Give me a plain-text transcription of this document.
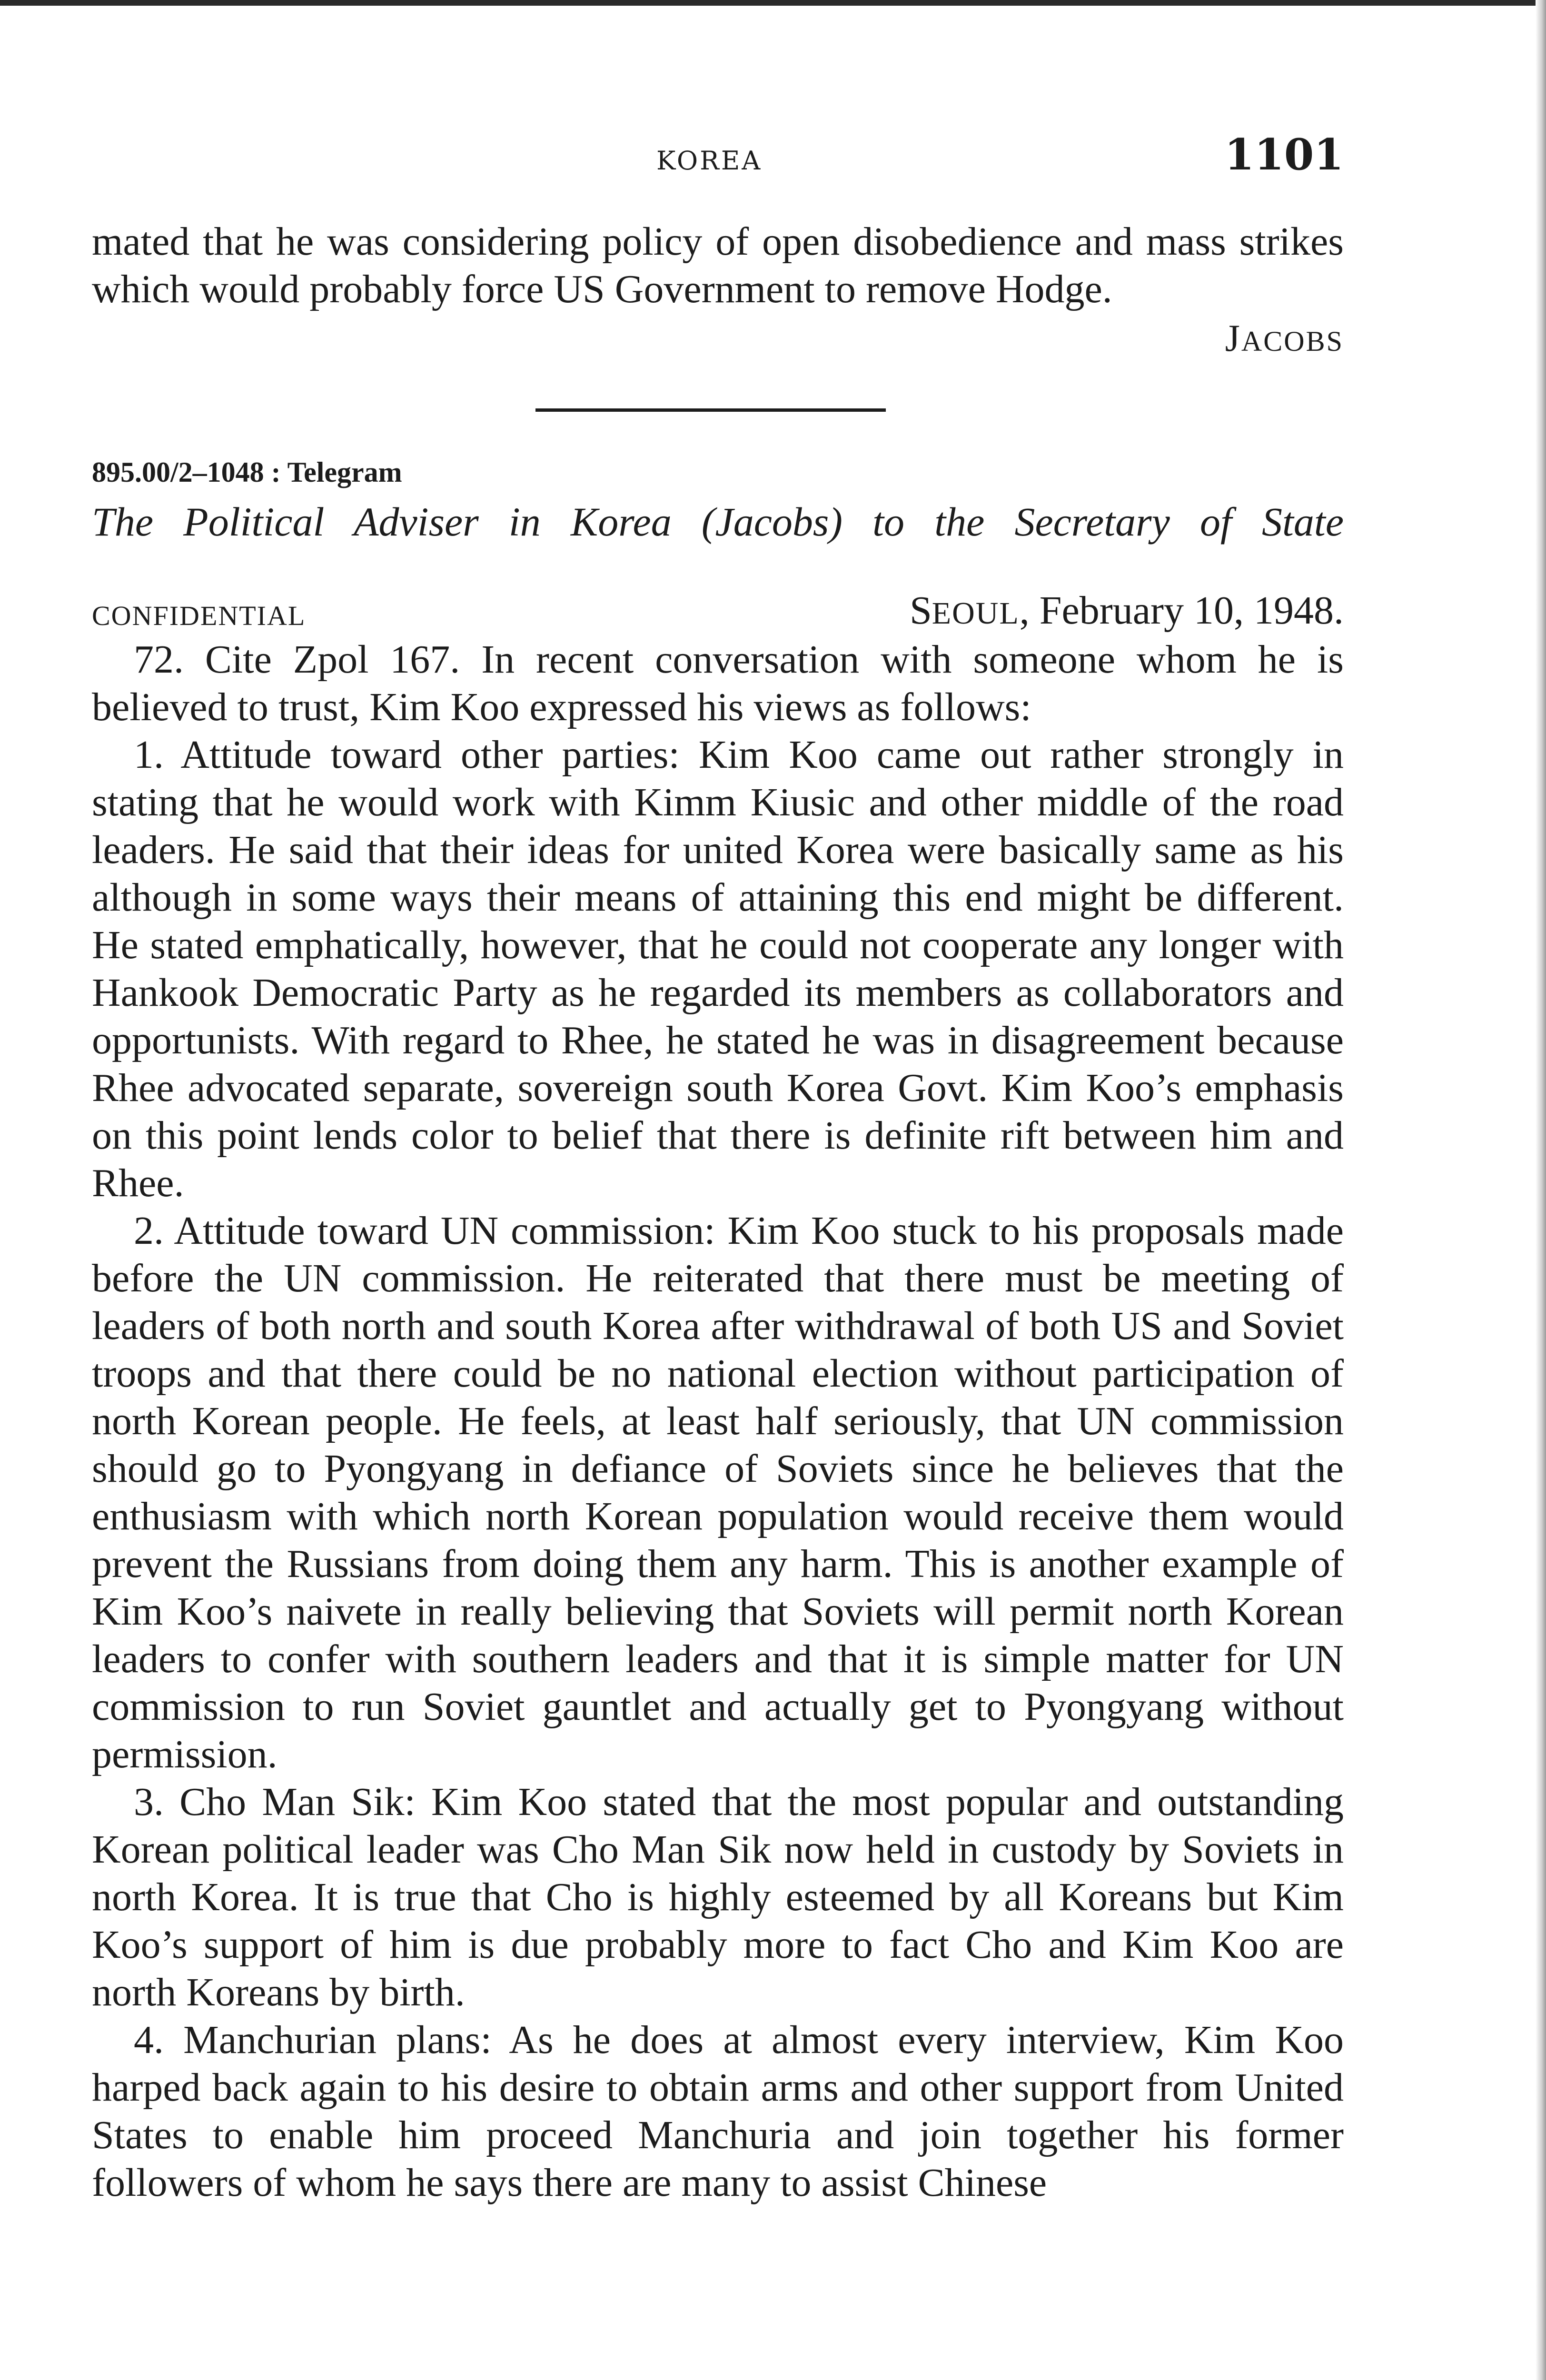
KOREA	1101

mated that he was considering policy of open disobedience and mass strikes which would probably force US Government to remove Hodge.

JACOBS
895.00/2–1048 : Telegram
The Political Adviser in Korea (Jacobs) to the Secretary of State
CONFIDENTIAL	SEOUL, February 10, 1948.

72. Cite Zpol 167. In recent conversation with someone whom he is believed to trust, Kim Koo expressed his views as follows:

1. Attitude toward other parties: Kim Koo came out rather strongly in stating that he would work with Kimm Kiusic and other middle of the road leaders. He said that their ideas for united Korea were basically same as his although in some ways their means of attaining this end might be different. He stated emphatically, however, that he could not cooperate any longer with Hankook Democratic Party as he regarded its members as collaborators and opportunists. With regard to Rhee, he stated he was in disagreement because Rhee advocated separate, sovereign south Korea Govt. Kim Koo’s emphasis on this point lends color to belief that there is definite rift between him and Rhee.

2. Attitude toward UN commission: Kim Koo stuck to his proposals made before the UN commission. He reiterated that there must be meeting of leaders of both north and south Korea after withdrawal of both US and Soviet troops and that there could be no national election without participation of north Korean people. He feels, at least half seriously, that UN commission should go to Pyongyang in defiance of Soviets since he believes that the enthusiasm with which north Korean population would receive them would prevent the Russians from doing them any harm. This is another example of Kim Koo’s naivete in really believing that Soviets will permit north Korean leaders to confer with southern leaders and that it is simple matter for UN commission to run Soviet gauntlet and actually get to Pyongyang without permission.

3. Cho Man Sik: Kim Koo stated that the most popular and outstanding Korean political leader was Cho Man Sik now held in custody by Soviets in north Korea. It is true that Cho is highly esteemed by all Koreans but Kim Koo’s support of him is due probably more to fact Cho and Kim Koo are north Koreans by birth.

4. Manchurian plans: As he does at almost every interview, Kim Koo harped back again to his desire to obtain arms and other support from United States to enable him proceed Manchuria and join together his former followers of whom he says there are many to assist Chinese
